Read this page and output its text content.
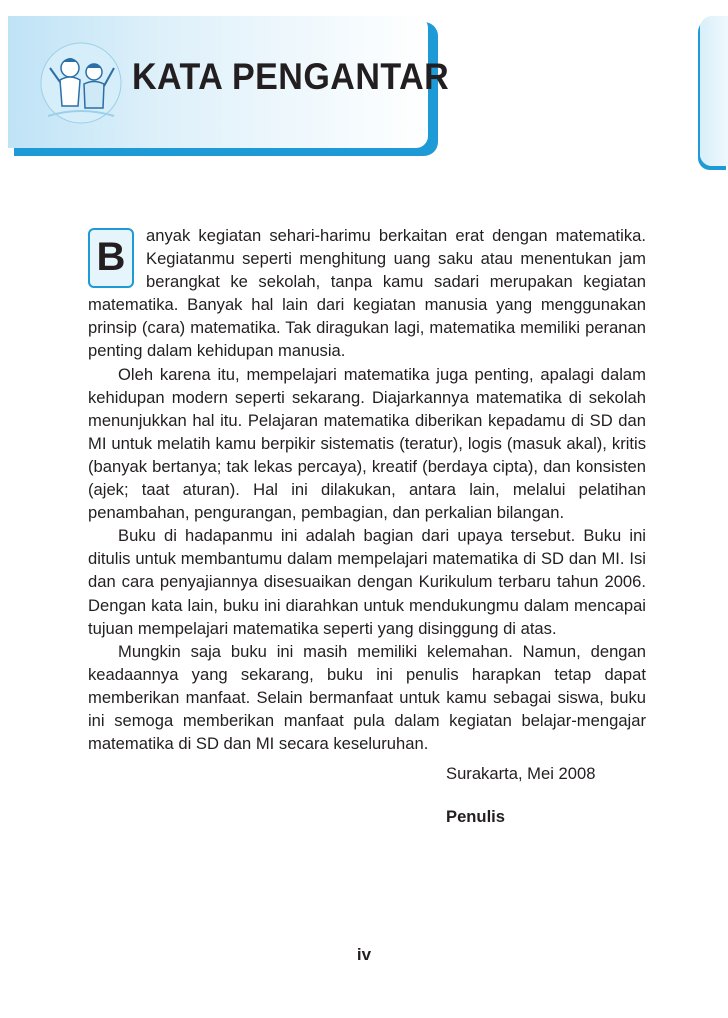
KATA PENGANTAR
B	anyak kegiatan sehari-harimu berkaitan erat dengan matematika. Kegiatanmu seperti menghitung uang saku atau menentukan jam berangkat ke sekolah, tanpa kamu sadari merupakan kegiatan matematika. Banyak hal lain dari kegiatan manusia yang menggunakan prinsip (cara) matematika. Tak diragukan lagi, matematika memiliki peranan penting dalam kehidupan manusia.

Oleh karena itu, mempelajari matematika juga penting, apalagi dalam kehidupan modern seperti sekarang. Diajarkannya matematika di sekolah menunjukkan hal itu. Pelajaran matematika diberikan kepadamu di SD dan MI untuk melatih kamu berpikir sistematis (teratur), logis (masuk akal), kritis (banyak bertanya; tak lekas percaya), kreatif (berdaya cipta), dan konsisten (ajek; taat aturan). Hal ini dilakukan, antara lain, melalui pelatihan penambahan, pengurangan, pembagian, dan perkalian bilangan.

Buku di hadapanmu ini adalah bagian dari upaya tersebut. Buku ini ditulis untuk membantumu dalam mempelajari matematika di SD dan MI. Isi dan cara penyajiannya disesuaikan dengan Kurikulum terbaru tahun 2006. Dengan kata lain, buku ini diarahkan untuk mendukungmu dalam mencapai tujuan mempelajari matematika seperti yang disinggung di atas.

Mungkin saja buku ini masih memiliki kelemahan. Namun, dengan keadaannya yang sekarang, buku ini penulis harapkan tetap dapat memberikan manfaat. Selain bermanfaat untuk kamu sebagai siswa, buku ini semoga memberikan manfaat pula dalam kegiatan belajar-mengajar matematika di SD dan MI secara keseluruhan.

Surakarta, Mei 2008
Penulis
iv
